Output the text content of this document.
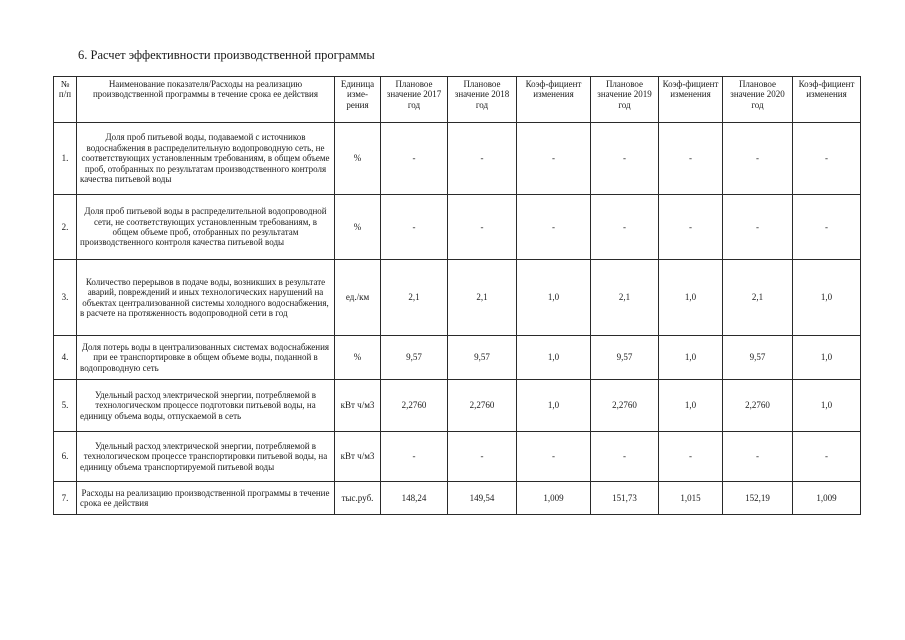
6. Расчет эффективности производственной программы
№ п/п	Наименование показателя/Расходы на реализацию производственной программы в течение срока ее действия	Единица изме-рения	Плановое значение 2017 год	Плановое значение 2018 год	Коэф-фициент изменения	Плановое значение 2019 год	Коэф-фициент изменения	Плановое значение 2020 год	Коэф-фициент изменения
1.	Доля проб питьевой воды, подаваемой с источников водоснабжения в распределительную водопроводную сеть, не соответствующих установленным требованиям, в общем объеме проб, отобранных по результатам производственного контроля качества питьевой воды	%	-	-	-	-	-	-	-
2.	Доля проб питьевой воды в распределительной водопроводной сети, не соответствующих установленным требованиям, в общем объеме проб, отобранных по результатам производственного контроля качества питьевой воды	%	-	-	-	-	-	-	-
3.	Количество перерывов в подаче воды, возникших в результате аварий, повреждений и иных технологических нарушений на объектах централизованной системы холодного водоснабжения, в расчете на протяженность водопроводной сети в год	ед./км	2,1	2,1	1,0	2,1	1,0	2,1	1,0
4.	Доля потерь воды в централизованных системах водоснабжения при ее транспортировке в общем объеме воды, поданной в водопроводную сеть	%	9,57	9,57	1,0	9,57	1,0	9,57	1,0
5.	Удельный расход электрической энергии, потребляемой в технологическом процессе подготовки питьевой воды, на единицу объема воды, отпускаемой в сеть	кВт ч/м3	2,2760	2,2760	1,0	2,2760	1,0	2,2760	1,0
6.	Удельный расход электрической энергии, потребляемой в технологическом процессе транспортировки питьевой воды, на единицу объема транспортируемой питьевой воды	кВт ч/м3	-	-	-	-	-	-	-
7.	Расходы на реализацию производственной программы в течение срока ее действия	тыс.руб.	148,24	149,54	1,009	151,73	1,015	152,19	1,009
